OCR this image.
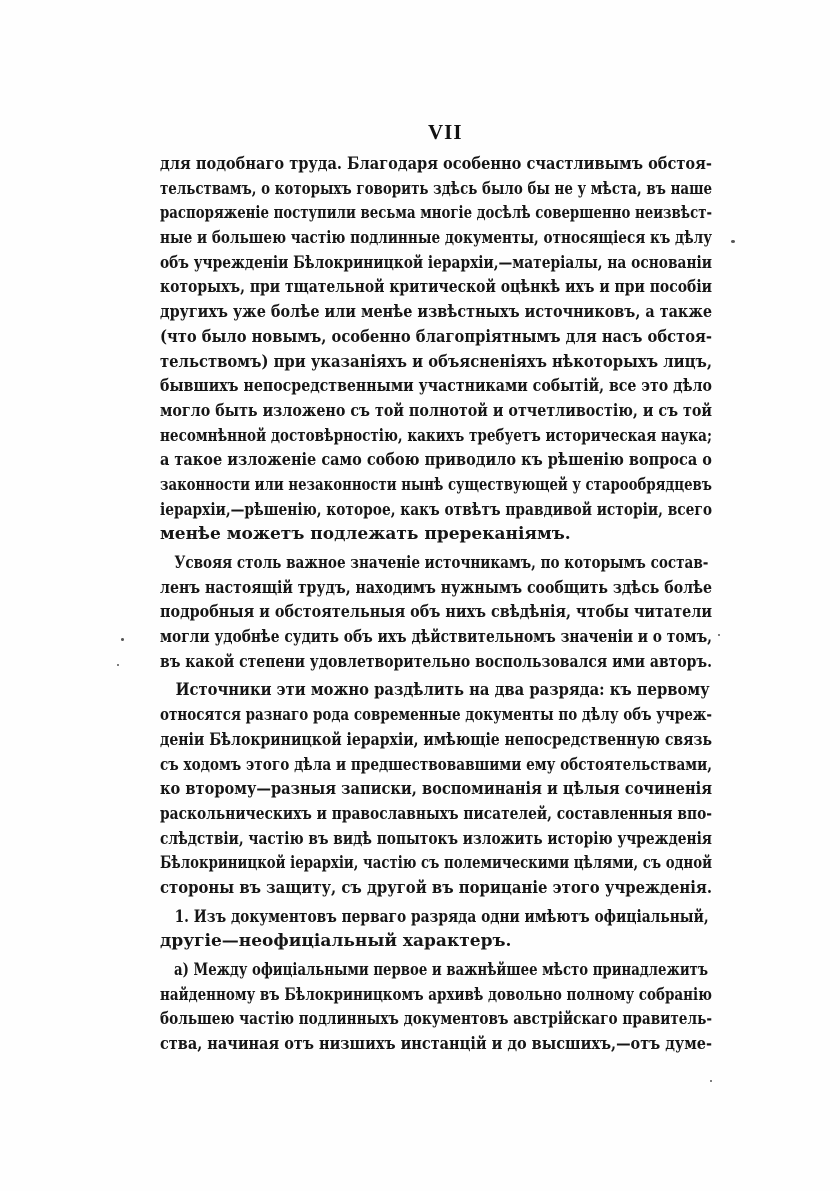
VII
для подобнаго труда. Благодаря особенно счастливымъ обстоя-
тельствамъ, о которыхъ говорить здѣсь было бы не у мѣста, въ наше
распоряженіе поступили весьма многіе досѣлѣ совершенно неизвѣст-
ные и большею частію подлинные документы, относящіеся къ дѣлу
объ учрежденіи Бѣлокриницкой іерархіи,—матеріалы, на основаніи
которыхъ, при тщательной критической оцѣнкѣ ихъ и при пособіи
другихъ уже болѣе или менѣе извѣстныхъ источниковъ, а также
(что было новымъ, особенно благопріятнымъ для насъ обстоя-
тельствомъ) при указаніяхъ и объясненіяхъ нѣкоторыхъ лицъ,
бывшихъ непосредственными участниками событій, все это дѣло
могло быть изложено съ той полнотой и отчетливостію, и съ той
несомнѣнной достовѣрностію, какихъ требуетъ историческая наука;
а такое изложеніе само собою приводило къ рѣшенію вопроса о
законности или незаконности нынѣ существующей у старообрядцевъ
іерархіи,—рѣшенію, которое, какъ отвѣтъ правдивой исторіи, всего
менѣе можетъ подлежать пререканіямъ.
Усвояя столь важное значеніе источникамъ, по которымъ состав-
ленъ настоящій трудъ, находимъ нужнымъ сообщить здѣсь болѣе
подробныя и обстоятельныя объ нихъ свѣдѣнія, чтобы читатели
могли удобнѣе судить объ ихъ дѣйствительномъ значеніи и о томъ,
въ какой степени удовлетворительно воспользовался ими авторъ.
Источники эти можно раздѣлить на два разряда: къ первому
относятся разнаго рода современные документы по дѣлу объ учреж-
деніи Бѣлокриницкой іерархіи, имѣющіе непосредственную связь
съ ходомъ этого дѣла и предшествовавшими ему обстоятельствами,
ко второму—разныя записки, воспоминанія и цѣлыя сочиненія
раскольническихъ и православныхъ писателей, составленныя впо-
слѣдствіи, частію въ видѣ попытокъ изложить исторію учрежденія
Бѣлокриницкой іерархіи, частію съ полемическими цѣлями, съ одной
стороны въ защиту, съ другой въ порицаніе этого учрежденія.
1. Изъ документовъ перваго разряда одни имѣютъ офиціальный,
другіе—неофиціальный характеръ.
а) Между офиціальными первое и важнѣйшее мѣсто принадлежитъ
найденному въ Бѣлокриницкомъ архивѣ довольно полному собранію
большею частію подлинныхъ документовъ австрійскаго правитель-
ства, начиная отъ низшихъ инстанцій и до высшихъ,—отъ думе-
